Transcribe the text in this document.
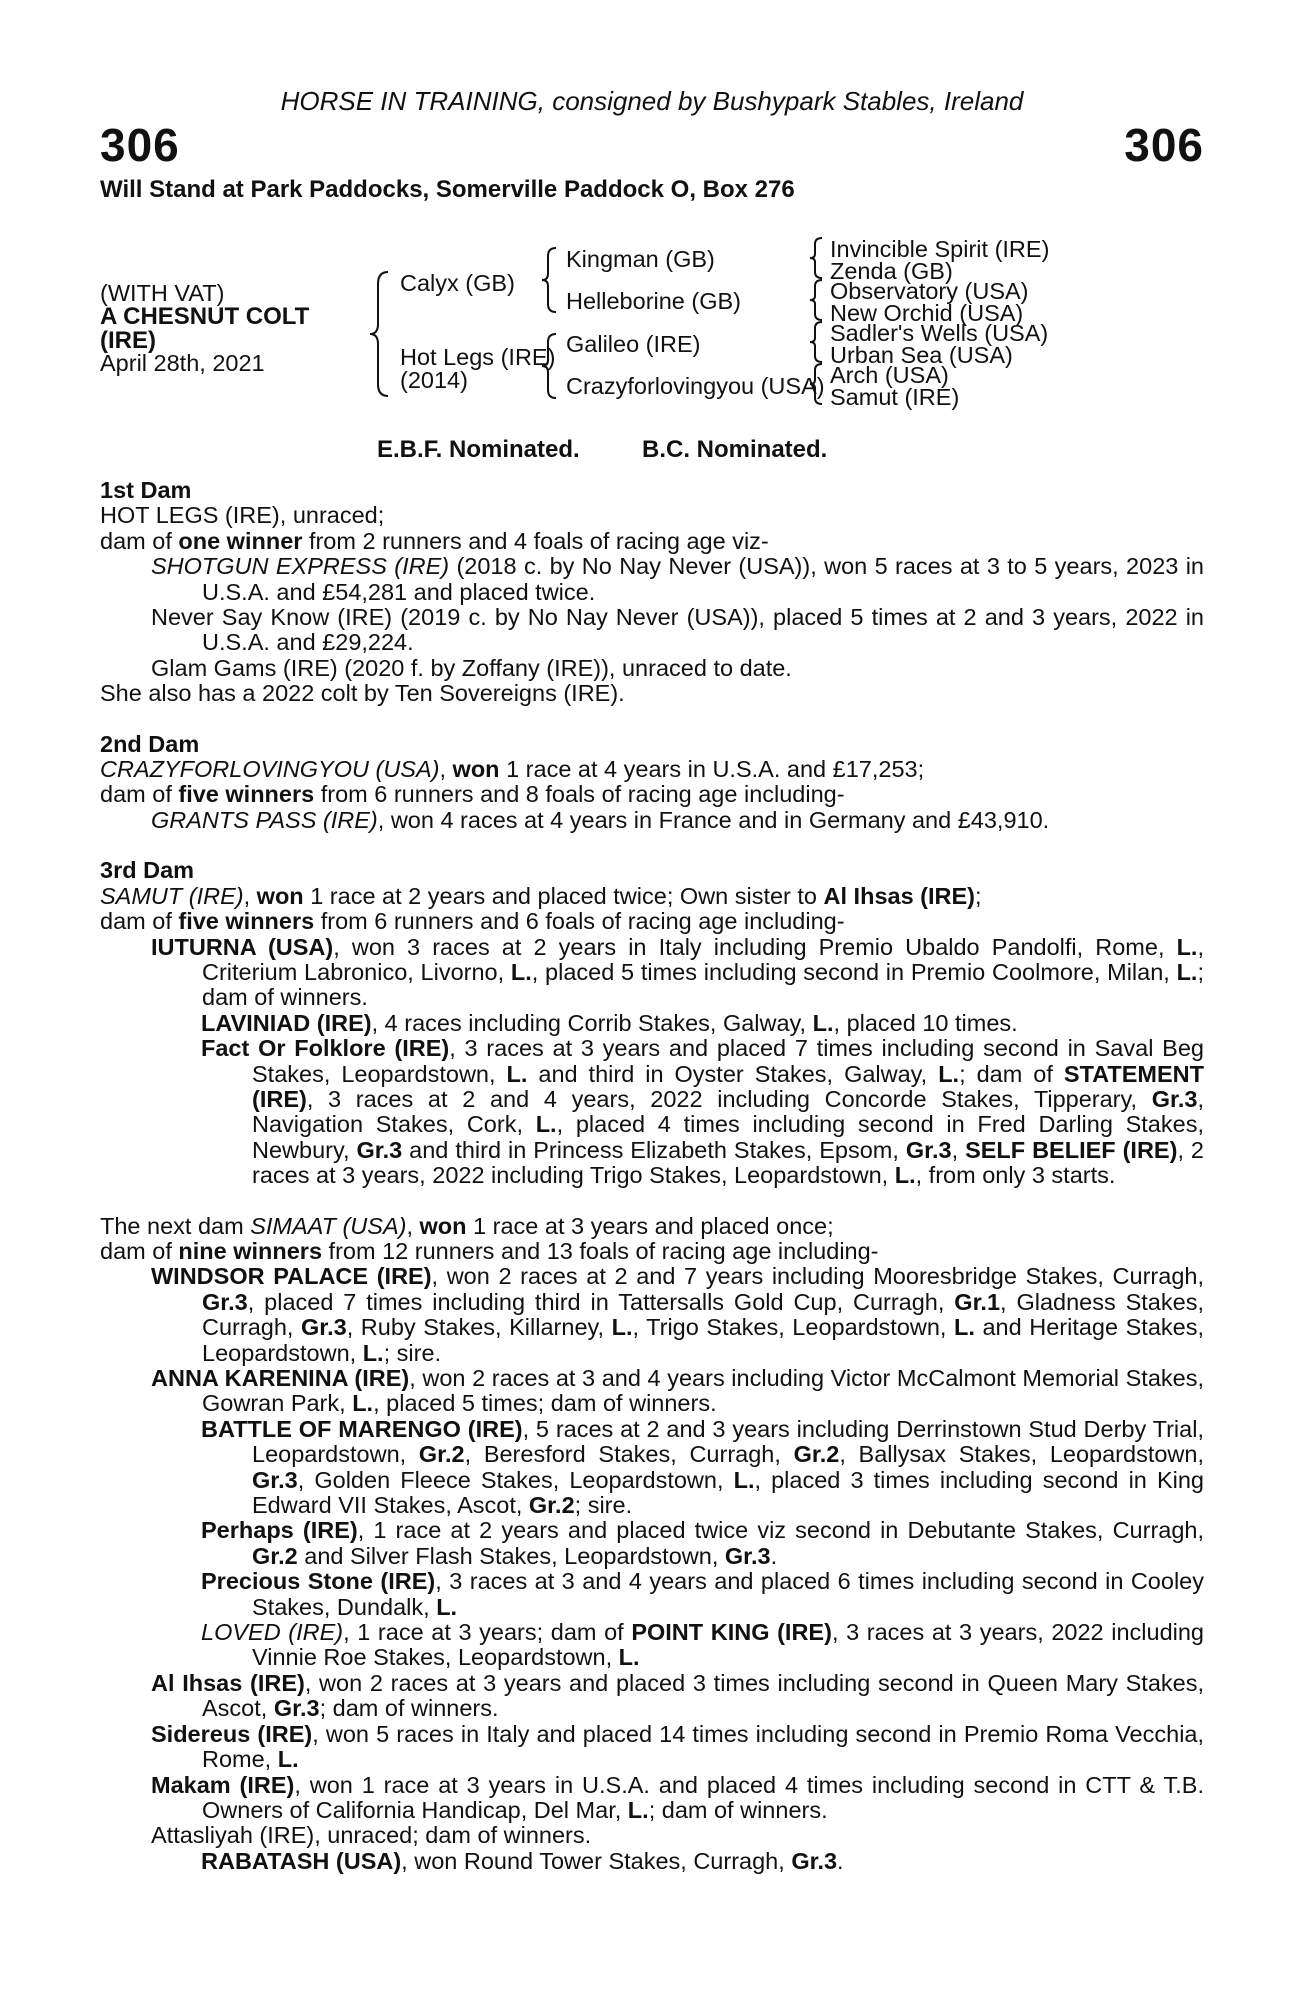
HORSE IN TRAINING, consigned by Bushypark Stables, Ireland
306	306
Will Stand at Park Paddocks, Somerville Paddock O, Box 276
(WITH VAT)
A CHESNUT COLT
(IRE)
April 28th, 2021
Calyx (GB)
Hot Legs (IRE)
(2014)
Kingman (GB)
Helleborine (GB)
Galileo (IRE)
Crazyforlovingyou (USA)
Invincible Spirit (IRE)
Zenda (GB)
Observatory (USA)
New Orchid (USA)
Sadler's Wells (USA)
Urban Sea (USA)
Arch (USA)
Samut (IRE)
E.B.F. Nominated.	B.C. Nominated.
1st Dam
HOT LEGS (IRE), unraced;
dam of one winner from 2 runners and 4 foals of racing age viz-
SHOTGUN EXPRESS (IRE) (2018 c. by No Nay Never (USA)), won 5 races at 3 to 5 years, 2023 in U.S.A. and £54,281 and placed twice.
Never Say Know (IRE) (2019 c. by No Nay Never (USA)), placed 5 times at 2 and 3 years, 2022 in U.S.A. and £29,224.
Glam Gams (IRE) (2020 f. by Zoffany (IRE)), unraced to date.
She also has a 2022 colt by Ten Sovereigns (IRE).
2nd Dam
CRAZYFORLOVINGYOU (USA), won 1 race at 4 years in U.S.A. and £17,253;
dam of five winners from 6 runners and 8 foals of racing age including-
GRANTS PASS (IRE), won 4 races at 4 years in France and in Germany and £43,910.
3rd Dam
SAMUT (IRE), won 1 race at 2 years and placed twice; Own sister to Al Ihsas (IRE);
dam of five winners from 6 runners and 6 foals of racing age including-
IUTURNA (USA), won 3 races at 2 years in Italy including Premio Ubaldo Pandolfi, Rome, L., Criterium Labronico, Livorno, L., placed 5 times including second in Premio Coolmore, Milan, L.; dam of winners.
LAVINIAD (IRE), 4 races including Corrib Stakes, Galway, L., placed 10 times.
Fact Or Folklore (IRE), 3 races at 3 years and placed 7 times including second in Saval Beg Stakes, Leopardstown, L. and third in Oyster Stakes, Galway, L.; dam of STATEMENT (IRE), 3 races at 2 and 4 years, 2022 including Concorde Stakes, Tipperary, Gr.3, Navigation Stakes, Cork, L., placed 4 times including second in Fred Darling Stakes, Newbury, Gr.3 and third in Princess Elizabeth Stakes, Epsom, Gr.3, SELF BELIEF (IRE), 2 races at 3 years, 2022 including Trigo Stakes, Leopardstown, L., from only 3 starts.
The next dam SIMAAT (USA), won 1 race at 3 years and placed once;
dam of nine winners from 12 runners and 13 foals of racing age including-
WINDSOR PALACE (IRE), won 2 races at 2 and 7 years including Mooresbridge Stakes, Curragh, Gr.3, placed 7 times including third in Tattersalls Gold Cup, Curragh, Gr.1, Gladness Stakes, Curragh, Gr.3, Ruby Stakes, Killarney, L., Trigo Stakes, Leopardstown, L. and Heritage Stakes, Leopardstown, L.; sire.
ANNA KARENINA (IRE), won 2 races at 3 and 4 years including Victor McCalmont Memorial Stakes, Gowran Park, L., placed 5 times; dam of winners.
BATTLE OF MARENGO (IRE), 5 races at 2 and 3 years including Derrinstown Stud Derby Trial, Leopardstown, Gr.2, Beresford Stakes, Curragh, Gr.2, Ballysax Stakes, Leopardstown, Gr.3, Golden Fleece Stakes, Leopardstown, L., placed 3 times including second in King Edward VII Stakes, Ascot, Gr.2; sire.
Perhaps (IRE), 1 race at 2 years and placed twice viz second in Debutante Stakes, Curragh, Gr.2 and Silver Flash Stakes, Leopardstown, Gr.3.
Precious Stone (IRE), 3 races at 3 and 4 years and placed 6 times including second in Cooley Stakes, Dundalk, L.
LOVED (IRE), 1 race at 3 years; dam of POINT KING (IRE), 3 races at 3 years, 2022 including Vinnie Roe Stakes, Leopardstown, L.
Al Ihsas (IRE), won 2 races at 3 years and placed 3 times including second in Queen Mary Stakes, Ascot, Gr.3; dam of winners.
Sidereus (IRE), won 5 races in Italy and placed 14 times including second in Premio Roma Vecchia, Rome, L.
Makam (IRE), won 1 race at 3 years in U.S.A. and placed 4 times including second in CTT & T.B. Owners of California Handicap, Del Mar, L.; dam of winners.
Attasliyah (IRE), unraced; dam of winners.
RABATASH (USA), won Round Tower Stakes, Curragh, Gr.3.
